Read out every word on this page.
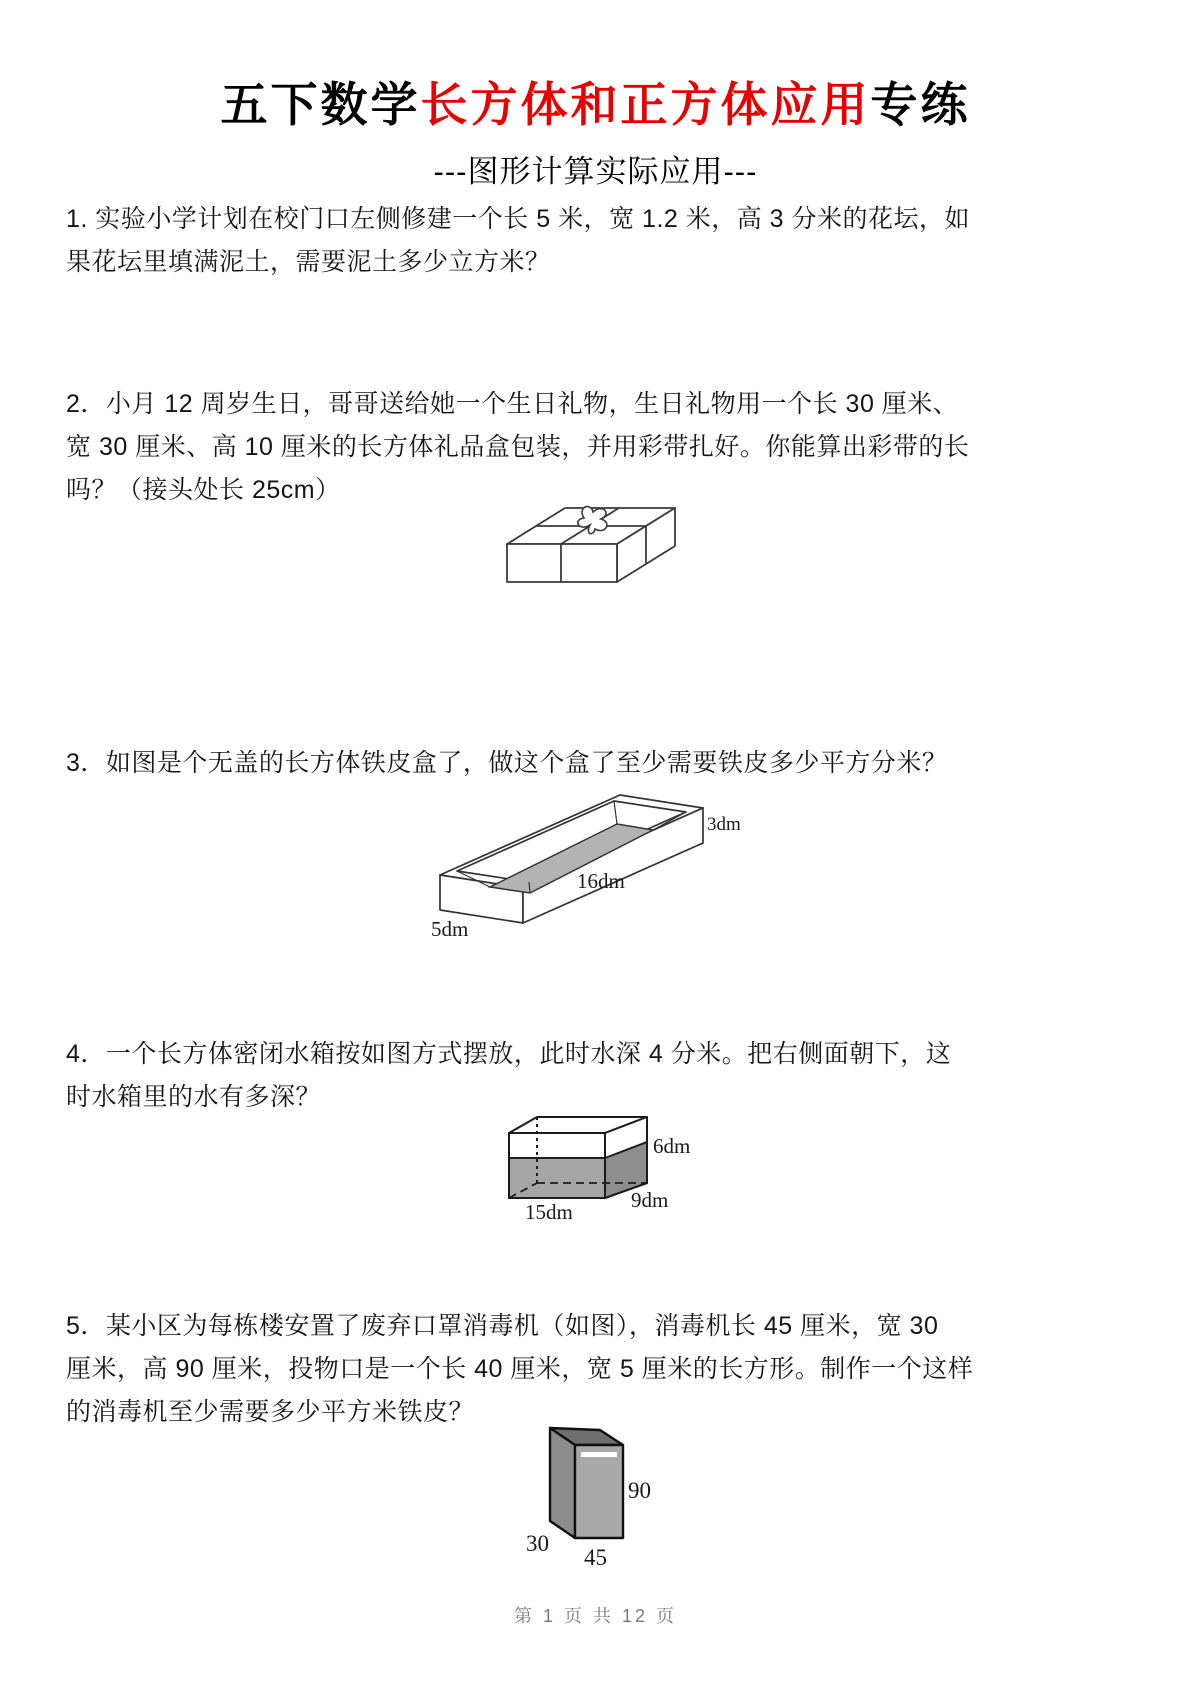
五下数学长方体和正方体应用专练
---图形计算实际应用---
1. 实验小学计划在校门口左侧修建一个长 5 米，宽 1.2 米，高 3 分米的花坛，如
果花坛里填满泥土，需要泥土多少立方米？
2．小月 12 周岁生日，哥哥送给她一个生日礼物，生日礼物用一个长 30 厘米、
宽 30 厘米、高 10 厘米的长方体礼品盒包装，并用彩带扎好。你能算出彩带的长
吗？（接头处长 25cm）
3．如图是个无盖的长方体铁皮盒了，做这个盒了至少需要铁皮多少平方分米？
3dm
16dm
5dm
4．一个长方体密闭水箱按如图方式摆放，此时水深 4 分米。把右侧面朝下，这
时水箱里的水有多深？
6dm
9dm
15dm
5．某小区为每栋楼安置了废弃口罩消毒机（如图），消毒机长 45 厘米，宽 30
厘米，高 90 厘米，投物口是一个长 40 厘米，宽 5 厘米的长方形。制作一个这样
的消毒机至少需要多少平方米铁皮？
90
30
45
第 1 页 共 12 页
